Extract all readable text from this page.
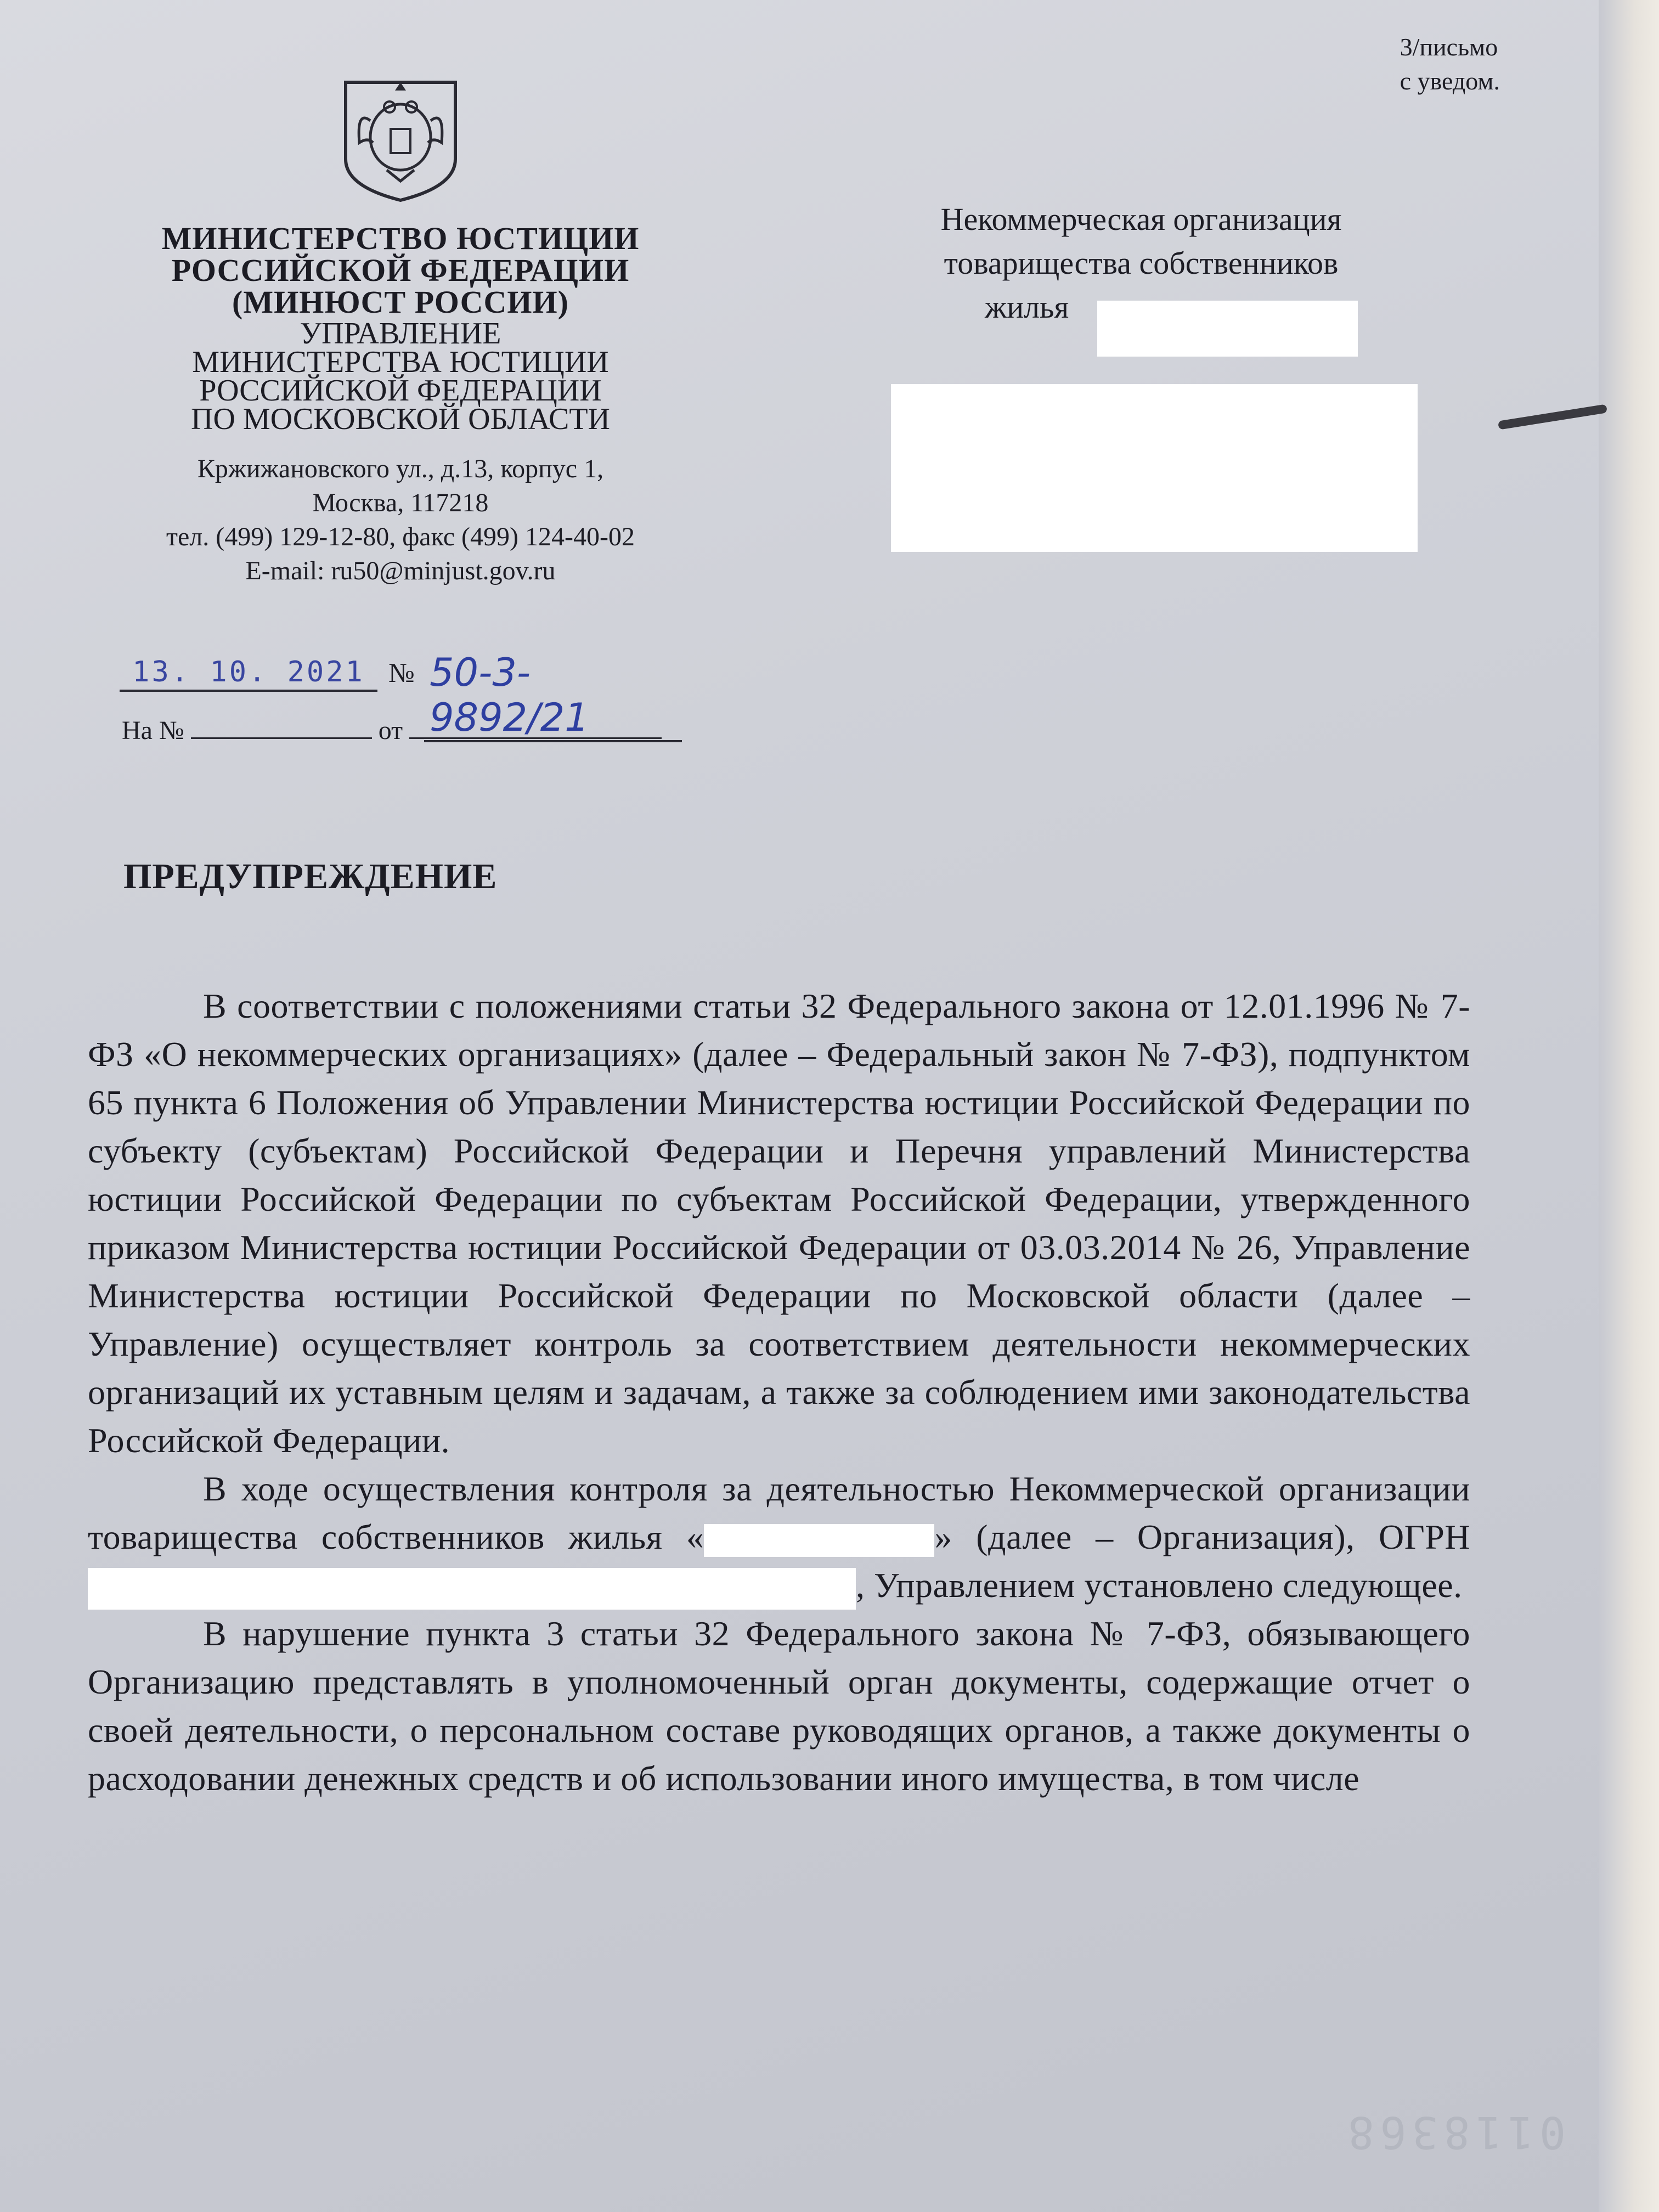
3/письмо
с уведом.
МИНИСТЕРСТВО ЮСТИЦИИ
РОССИЙСКОЙ ФЕДЕРАЦИИ
(МИНЮСТ РОССИИ)
УПРАВЛЕНИЕ
МИНИСТЕРСТВА ЮСТИЦИИ
РОССИЙСКОЙ ФЕДЕРАЦИИ
ПО МОСКОВСКОЙ ОБЛАСТИ
Кржижановского ул., д.13, корпус 1,
Москва, 117218
тел. (499) 129-12-80, факс (499) 124-40-02
E-mail: ru50@minjust.gov.ru
13. 10. 2021 № 50-3-9892/21
На №	от
Некоммерческая организация
товарищества собственников
жилья
ПРЕДУПРЕЖДЕНИЕ

В соответствии с положениями статьи 32 Федерального закона от 12.01.1996 № 7-ФЗ «О некоммерческих организациях» (далее – Федеральный закон № 7-ФЗ), подпунктом 65 пункта 6 Положения об Управлении Министерства юстиции Российской Федерации по субъекту (субъектам) Российской Федерации и Перечня управлений Министерства юстиции Российской Федерации по субъектам Российской Федерации, утвержденного приказом Министерства юстиции Российской Федерации от 03.03.2014 № 26, Управление Министерства юстиции Российской Федерации по Московской области (далее – Управление) осуществляет контроль за соответствием деятельности некоммерческих организаций их уставным целям и задачам, а также за соблюдением ими законодательства Российской Федерации.

В ходе осуществления контроля за деятельностью Некоммерческой организации товарищества собственников жилья «	» (далее – Организация), ОГРН , Управлением установлено следующее.

В нарушение пункта 3 статьи 32 Федерального закона № 7-ФЗ, обязывающего Организацию представлять в уполномоченный орган документы, содержащие отчет о своей деятельности, о персональном составе руководящих органов, а также документы о расходовании денежных средств и об использовании иного имущества, в том числе

0118368
